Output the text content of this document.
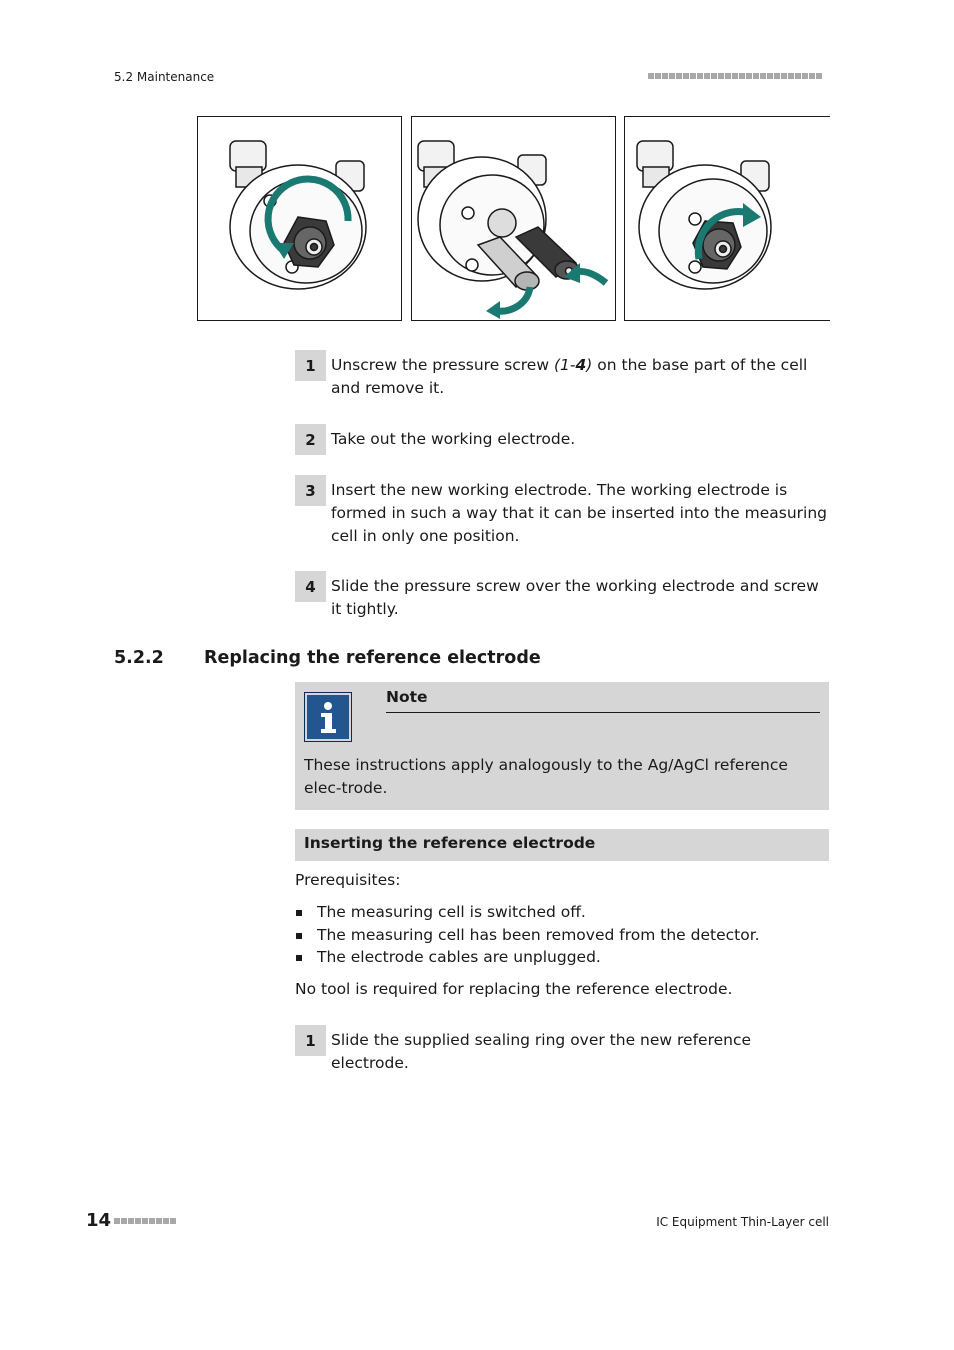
5.2 Maintenance
1 Unscrew the pressure screw (1-4) on the base part of the cell and remove it.
2 Take out the working electrode.
3 Insert the new working electrode. The working electrode is formed in such a way that it can be inserted into the measuring cell in only one position.
4 Slide the pressure screw over the working electrode and screw it tightly.
5.2.2 Replacing the reference electrode
Note
These instructions apply analogously to the Ag/AgCl reference elec-trode.
Inserting the reference electrode
Prerequisites:
The measuring cell is switched off.
The measuring cell has been removed from the detector.
The electrode cables are unplugged.
No tool is required for replacing the reference electrode.
1 Slide the supplied sealing ring over the new reference electrode.
14	IC Equipment Thin-Layer cell
